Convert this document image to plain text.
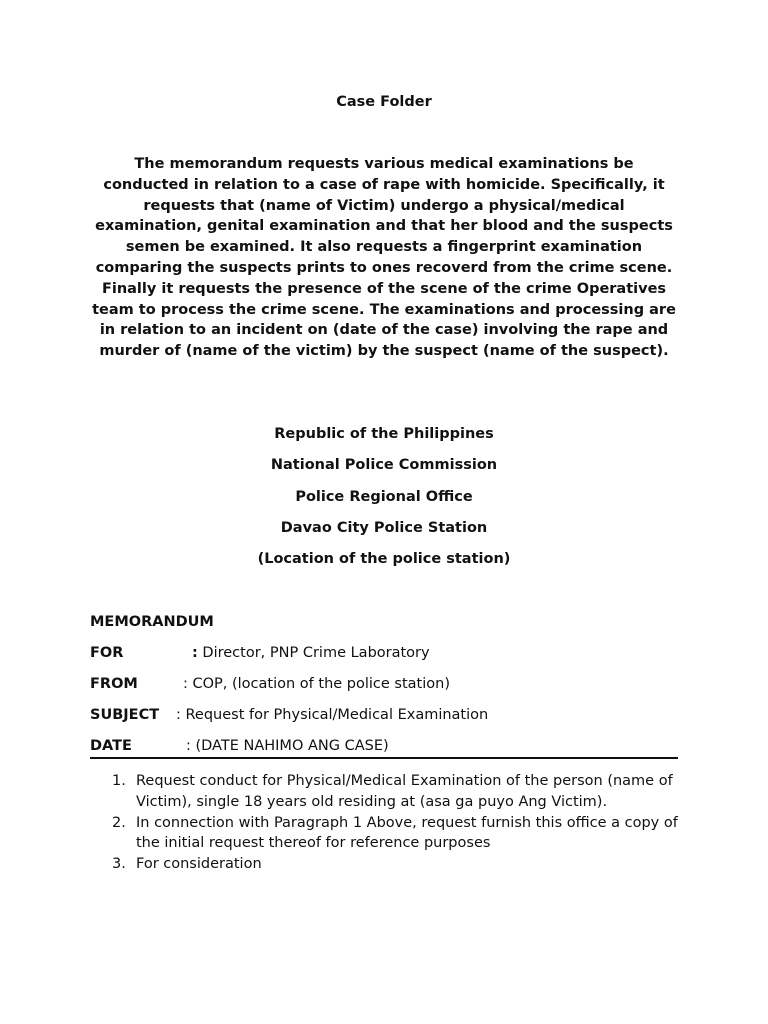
Case Folder

The memorandum requests various medical examinations be conducted in relation to a case of rape with homicide. Specifically, it requests that (name of Victim) undergo a physical/medical examination, genital examination and that her blood and the suspects semen be examined. It also requests a fingerprint examination comparing the suspects prints to ones recoverd from the crime scene. Finally it requests the presence of the scene of the crime Operatives team to process the crime scene. The examinations and processing are in relation to an incident on (date of the case) involving the rape and murder of (name of the victim) by the suspect (name of the suspect).

Republic of the Philippines
National Police Commission
Police Regional Office
Davao City Police Station
(Location of the police station)
MEMORANDUM
FOR	: Director, PNP Crime Laboratory
FROM	: COP, (location of the police station)
SUBJECT : Request for Physical/Medical Examination
DATE	: (DATE NAHIMO ANG CASE)
1. Request conduct for Physical/Medical Examination of the person (name of Victim), single 18 years old residing at (asa ga puyo Ang Victim).
2. In connection with Paragraph 1 Above, request furnish this office a copy of the initial request thereof for reference purposes
3. For consideration
